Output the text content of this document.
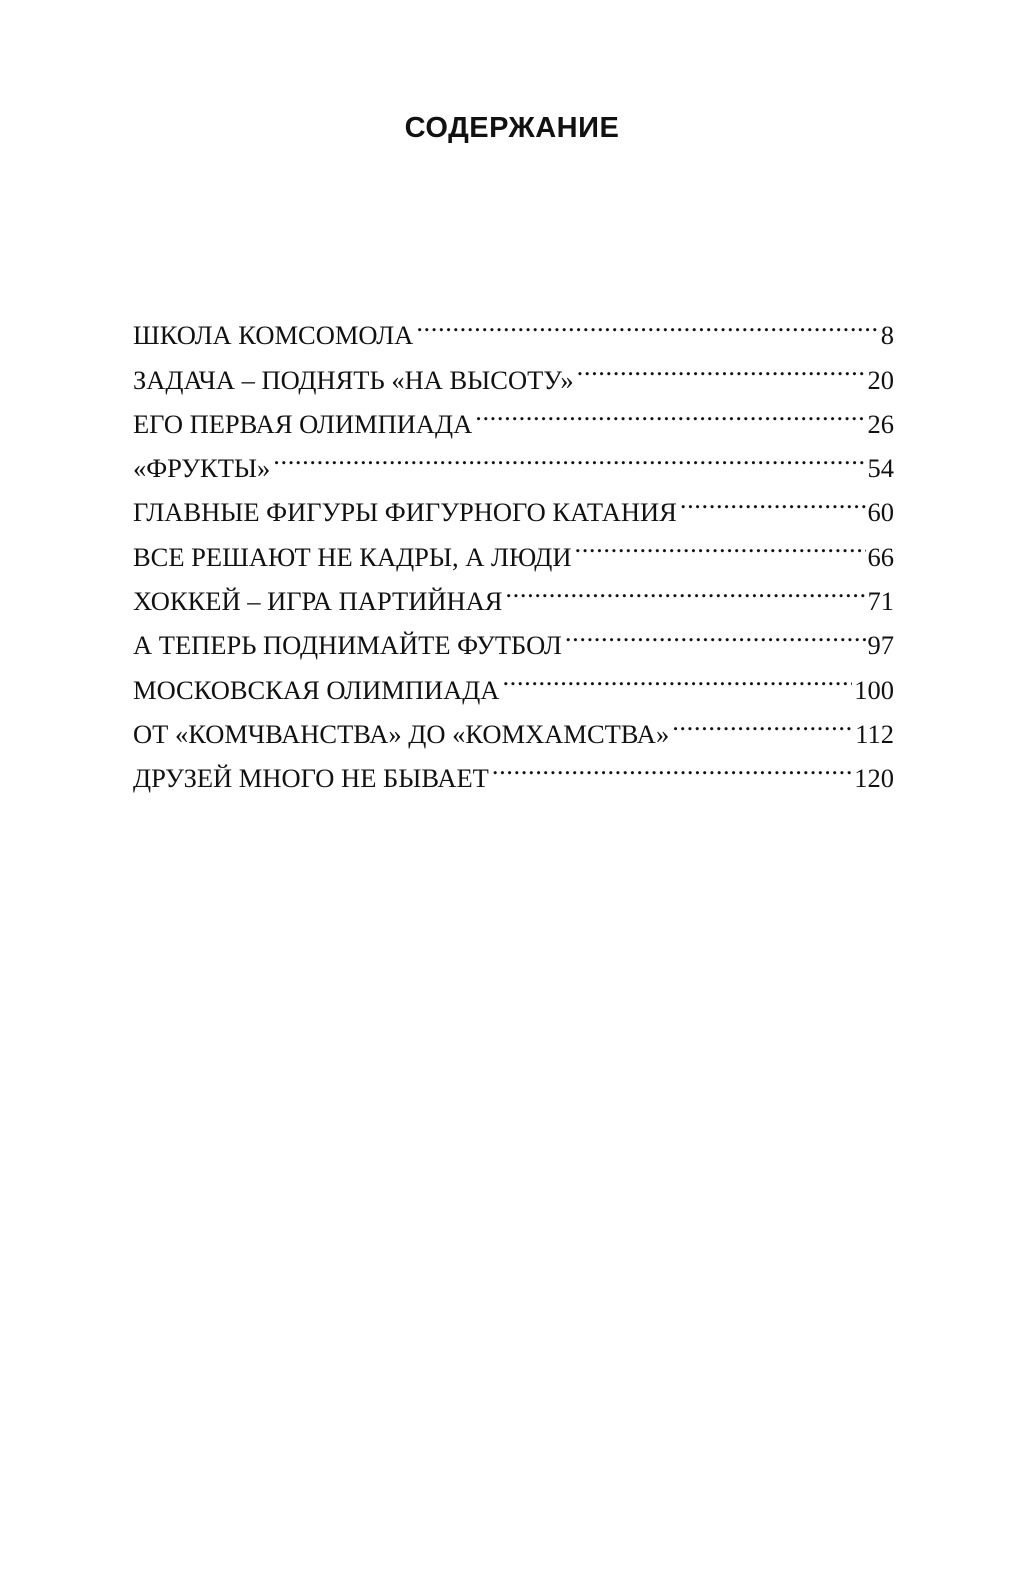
СОДЕРЖАНИЕ
ШКОЛА КОМСОМОЛА .....	8
ЗАДАЧА – ПОДНЯТЬ «НА ВЫСОТУ» .....	20
ЕГО ПЕРВАЯ ОЛИМПИАДА .....	26
«ФРУКТЫ» .....	54
ГЛАВНЫЕ ФИГУРЫ ФИГУРНОГО КАТАНИЯ .....	60
ВСЕ РЕШАЮТ НЕ КАДРЫ, А ЛЮДИ .....	66
ХОККЕЙ – ИГРА ПАРТИЙНАЯ .....	71
А ТЕПЕРЬ ПОДНИМАЙТЕ ФУТБОЛ .....	97
МОСКОВСКАЯ ОЛИМПИАДА .....	100
ОТ «КОМЧВАНСТВА» ДО «КОМХАМСТВА» .....	112
ДРУЗЕЙ МНОГО НЕ БЫВАЕТ .....	120
